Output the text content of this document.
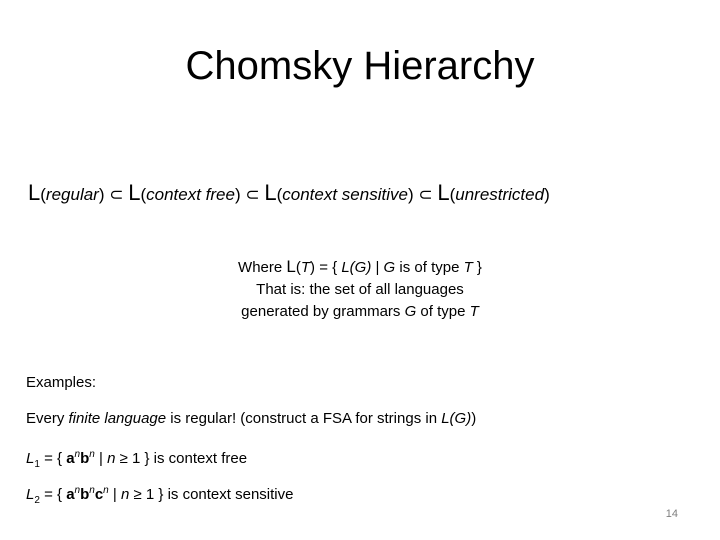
Chomsky Hierarchy
L(regular) ⊂ L(context free) ⊂ L(context sensitive) ⊂ L(unrestricted)
Where L(T) = { L(G) | G is of type T }
That is: the set of all languages
generated by grammars G of type T
Examples:
Every finite language is regular! (construct a FSA for strings in L(G))
$L_1$ = { $a^nb^n$ | n ≥ 1 } is context free
$L_2$ = { $a^nb^nc^n$ | n ≥ 1 } is context sensitive
14
